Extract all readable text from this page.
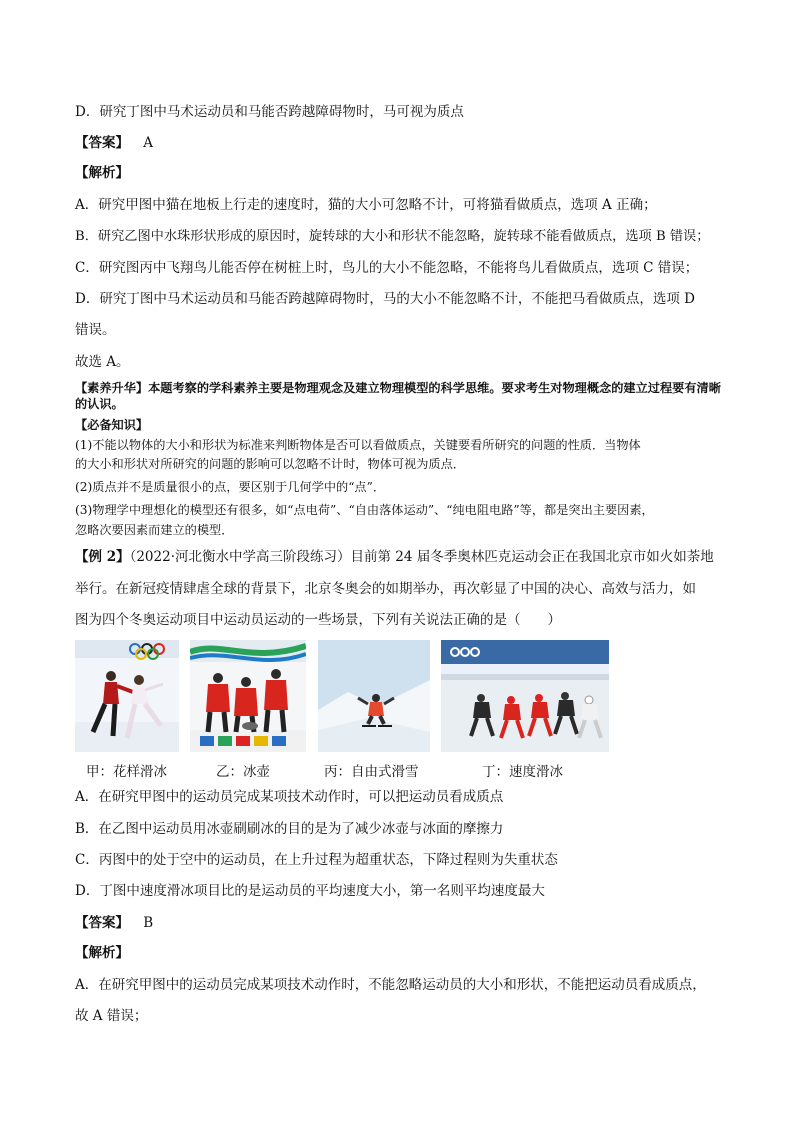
D．研究丁图中马术运动员和马能否跨越障碍物时，马可视为质点
【答案】 A
【解析】
A．研究甲图中猫在地板上行走的速度时，猫的大小可忽略不计，可将猫看做质点，选项 A 正确；
B．研究乙图中水珠形状形成的原因时，旋转球的大小和形状不能忽略，旋转球不能看做质点，选项 B 错误；
C．研究图丙中飞翔鸟儿能否停在树桩上时，鸟儿的大小不能忽略，不能将鸟儿看做质点，选项 C 错误；
D．研究丁图中马术运动员和马能否跨越障碍物时，马的大小不能忽略不计，不能把马看做质点，选项 D
错误。
故选 A。
【素养升华】本题考察的学科素养主要是物理观念及建立物理模型的科学思维。要求考生对物理概念的建立过程要有清晰的认识。
【必备知识】
(1)不能以物体的大小和形状为标准来判断物体是否可以看做质点，关键要看所研究的问题的性质．当物体
的大小和形状对所研究的问题的影响可以忽略不计时，物体可视为质点．
(2)质点并不是质量很小的点，要区别于几何学中的“点”．
(3)物理学中理想化的模型还有很多，如“点电荷”、“自由落体运动”、“纯电阻电路”等，都是突出主要因素，
忽略次要因素而建立的模型．
【例 2】（2022·河北衡水中学高三阶段练习）目前第 24 届冬季奥林匹克运动会正在我国北京市如火如荼地
举行。在新冠疫情肆虐全球的背景下，北京冬奥会的如期举办，再次彰显了中国的决心、高效与活力，如
图为四个冬奥运动项目中运动员运动的一些场景，下列有关说法正确的是（　　）
甲：花样滑冰	乙：冰壶	丙：自由式滑雪	丁：速度滑冰
A．在研究甲图中的运动员完成某项技术动作时，可以把运动员看成质点
B．在乙图中运动员用冰壶刷刷冰的目的是为了减少冰壶与冰面的摩擦力
C．丙图中的处于空中的运动员，在上升过程为超重状态，下降过程则为失重状态
D．丁图中速度滑冰项目比的是运动员的平均速度大小，第一名则平均速度最大
【答案】 B
【解析】
A．在研究甲图中的运动员完成某项技术动作时，不能忽略运动员的大小和形状，不能把运动员看成质点，
故 A 错误；
